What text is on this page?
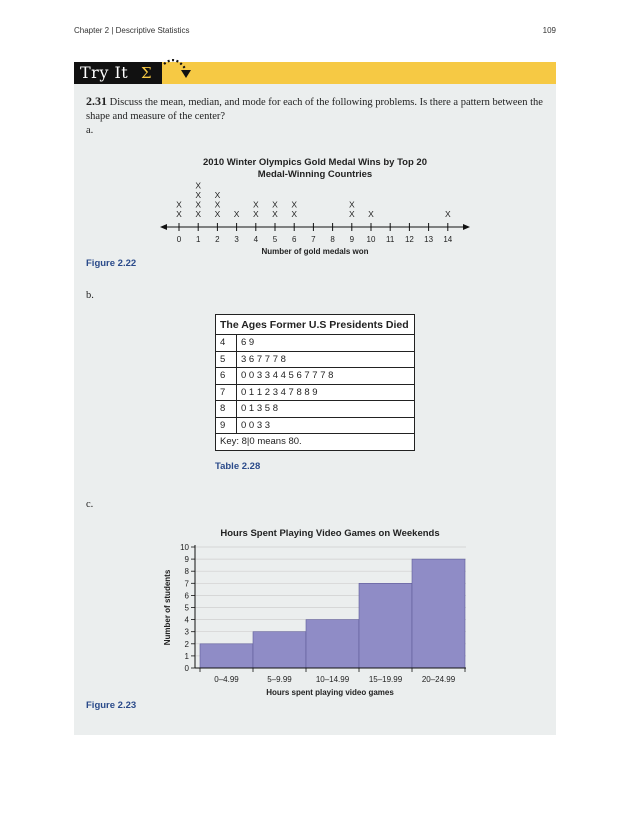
Chapter 2 | Descriptive Statistics	109
Try It Σ
2.31 Discuss the mean, median, and mode for each of the following problems. Is there a pattern between the shape and measure of the center?
a.
2010 Winter Olympics Gold Medal Wins by Top 20
Medal-Winning Countries
0 1 2 3 4 5 6 7 8 9 10 11 12 13 14
X
X
X
X
X
X
X
X
X
X X
X
X
X
X
X
X
X
X	X
Number of gold medals won
Figure 2.22
b.
The Ages Former U.S Presidents Died	
4	6 9
5	3 6 7 7 7 8
6	0 0 3 3 4 4 5 6 7 7 7 8
7	0 1 1 2 3 4 7 8 8 9
8	0 1 3 5 8
9	0 0 3 3
Key: 8|0 means 80.	
Table 2.28
c.
Hours Spent Playing Video Games on Weekends
0
1
2
3
4
5
6
7
8
9
10
0–4.99	5–9.99	10–14.99 15–19.99 20–24.99
Hours spent playing video games
Number of students
Figure 2.23
